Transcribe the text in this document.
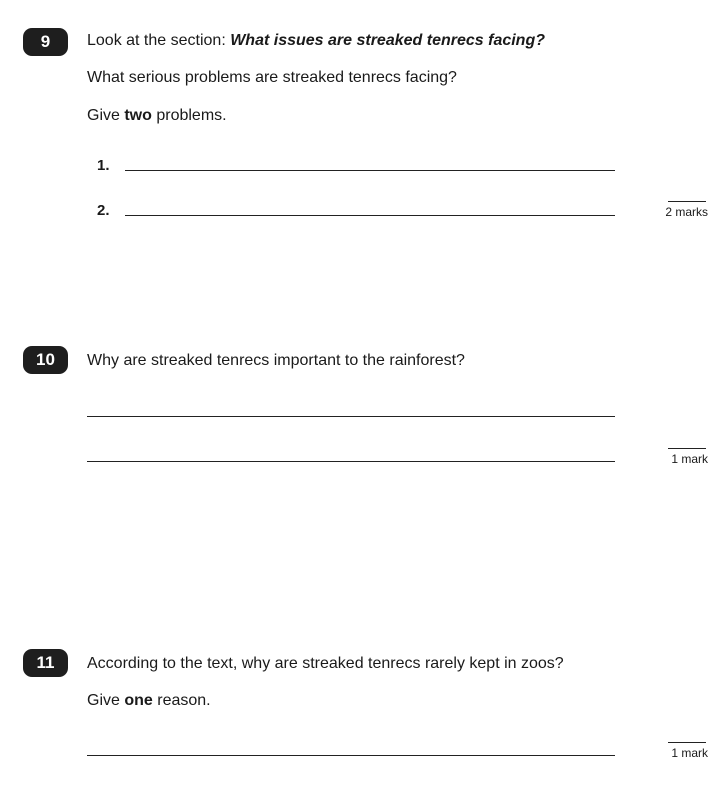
9	Look at the section: What issues are streaked tenrecs facing?
What serious problems are streaked tenrecs facing?
Give two problems.
1.
2.	2 marks
10	Why are streaked tenrecs important to the rainforest?
1 mark
11	According to the text, why are streaked tenrecs rarely kept in zoos?
Give one reason.
1 mark
